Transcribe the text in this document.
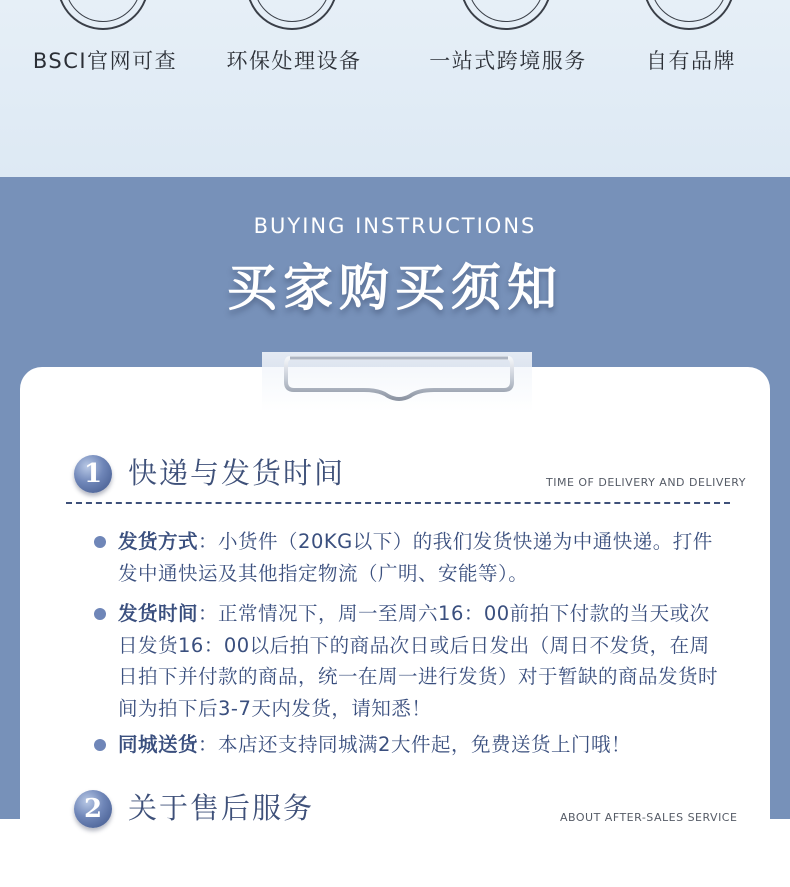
BSCI官网可查	环保处理设备	一站式跨境服务	自有品牌
BUYING INSTRUCTIONS
买家购买须知
1 快递与发货时间	TIME OF DELIVERY AND DELIVERY
发货方式：小货件（20KG以下）的我们发货快递为中通快递。打件发中通快运及其他指定物流（广明、安能等）。
发货时间：正常情况下，周一至周六16：00前拍下付款的当天或次日发货16：00以后拍下的商品次日或后日发出（周日不发货，在周日拍下并付款的商品，统一在周一进行发货）对于暂缺的商品发货时间为拍下后3-7天内发货，请知悉！
同城送货：本店还支持同城满2大件起，免费送货上门哦！
2 关于售后服务	ABOUT AFTER-SALES SERVICE
